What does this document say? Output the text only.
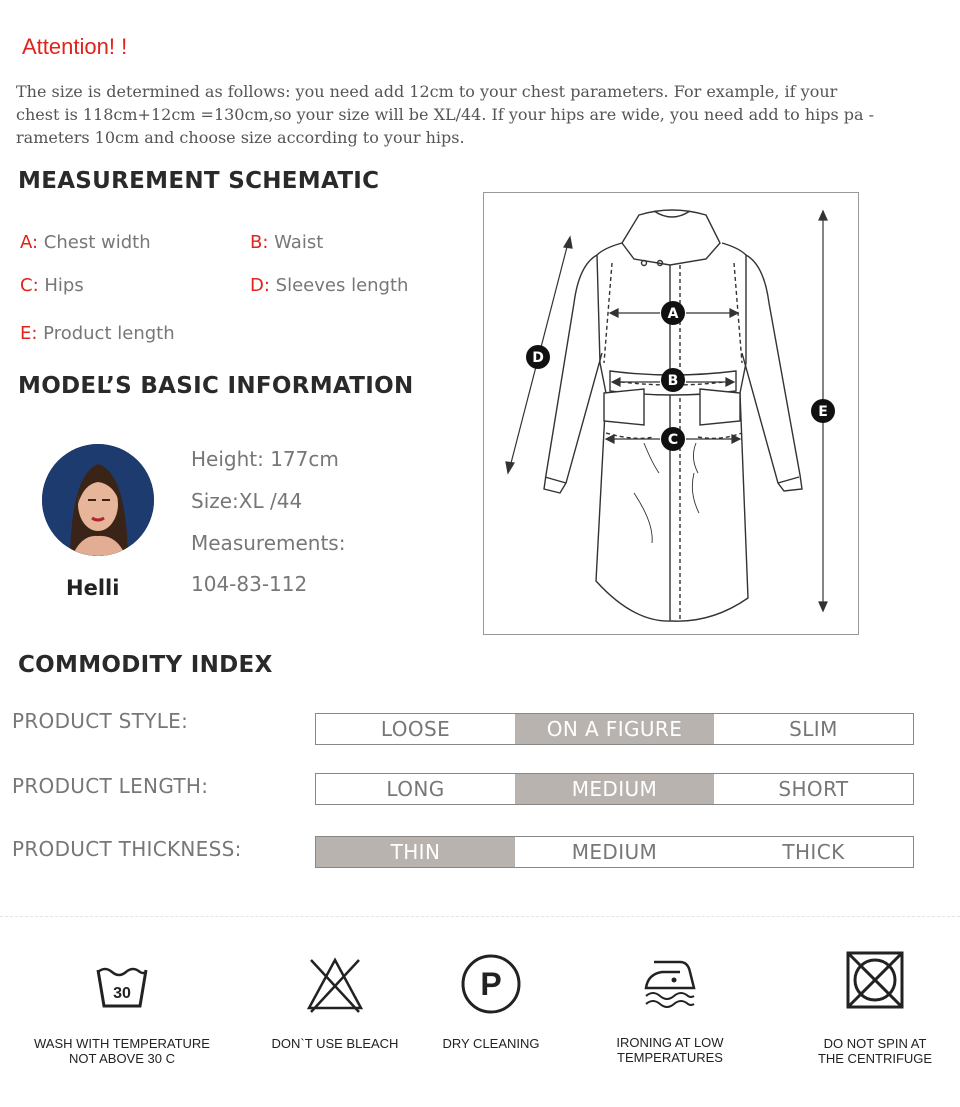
Attention! !
The size is determined as follows: you need add 12cm to your chest parameters. For example, if your chest is 118cm+12cm =130cm,so your size will be XL/44. If your hips are wide, you need add to hips pa -rameters 10cm and choose size according to your hips.
MEASUREMENT SCHEMATIC
A: Chest width	B: Waist
C: Hips	D: Sleeves length
E: Product length
MODEL’S BASIC INFORMATION
Helli
Height: 177cm
Size:XL /44
Measurements:
104-83-112
A
B
C
D
E
COMMODITY INDEX
PRODUCT STYLE:	LOOSE	ON A FIGURE	SLIM
PRODUCT LENGTH:	LONG	MEDIUM	SHORT
PRODUCT THICKNESS:	THIN	MEDIUM	THICK
30
WASH WITH TEMPERATURE
NOT ABOVE 30 C
DON`T USE BLEACH
P
DRY CLEANING	IRONING AT LOW
TEMPERATURES
DO NOT SPIN AT
THE CENTRIFUGE
